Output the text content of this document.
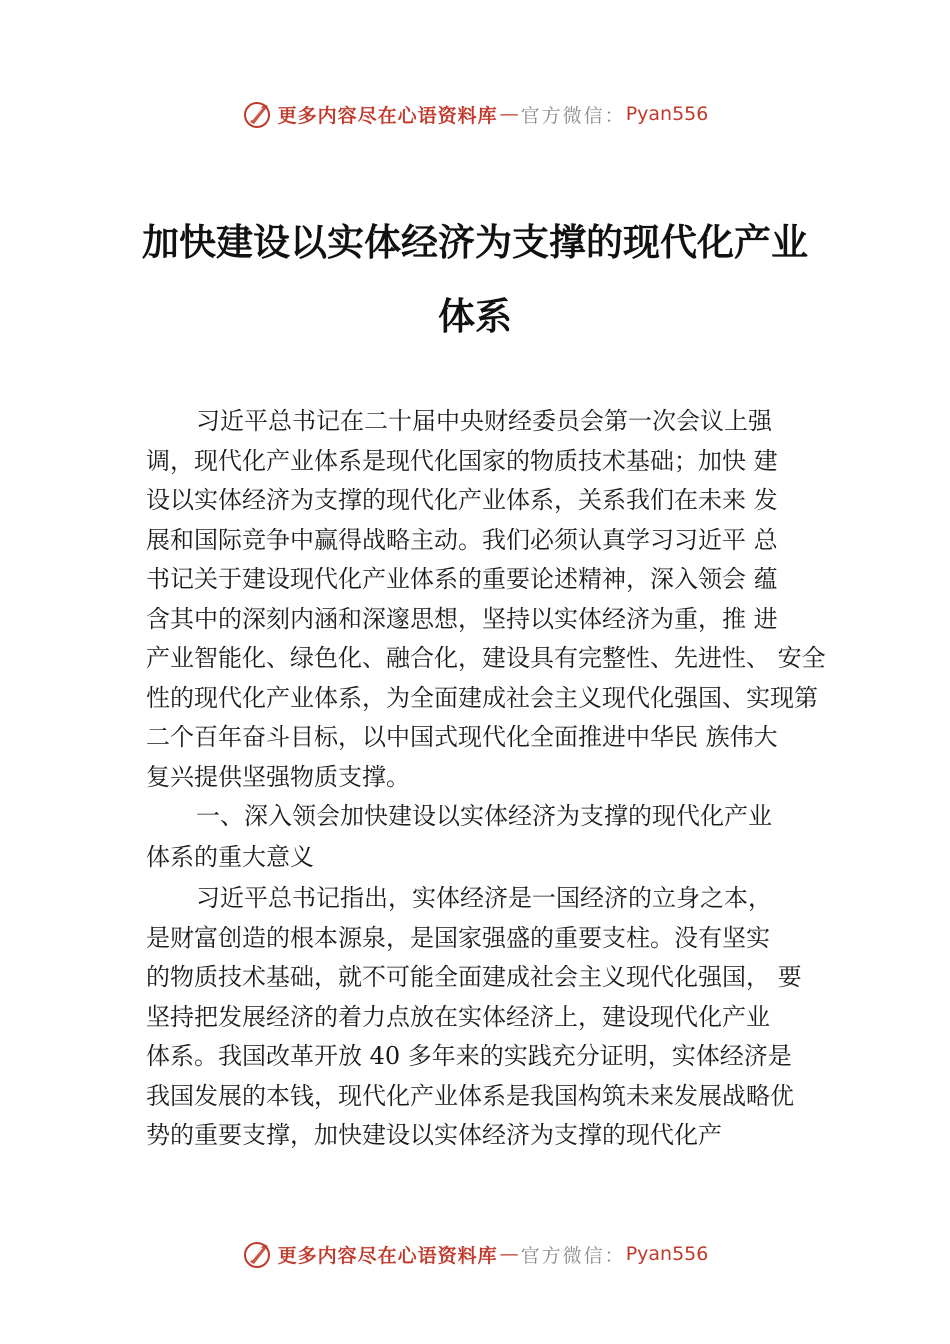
更多内容尽在心语资料库 — 官方微信： Pyan556
加快建设以实体经济为支撑的现代化产业
体系
习近平总书记在二十届中央财经委员会第一次会议上强
调，现代化产业体系是现代化国家的物质技术基础；加快 建
设以实体经济为支撑的现代化产业体系，关系我们在未来 发
展和国际竞争中赢得战略主动。我们必须认真学习习近平 总
书记关于建设现代化产业体系的重要论述精神，深入领会 蕴
含其中的深刻内涵和深邃思想，坚持以实体经济为重，推 进
产业智能化、绿色化、融合化，建设具有完整性、先进性、 安全
性的现代化产业体系，为全面建成社会主义现代化强国、实现第
二个百年奋斗目标，以中国式现代化全面推进中华民 族伟大
复兴提供坚强物质支撑。
一、深入领会加快建设以实体经济为支撑的现代化产业
体系的重大意义
习近平总书记指出，实体经济是一国经济的立身之本，
是财富创造的根本源泉，是国家强盛的重要支柱。没有坚实
的物质技术基础，就不可能全面建成社会主义现代化强国， 要
坚持把发展经济的着力点放在实体经济上，建设现代化产业
体系。我国改革开放 40 多年来的实践充分证明，实体经济是
我国发展的本钱，现代化产业体系是我国构筑未来发展战略优
势的重要支撑，加快建设以实体经济为支撑的现代化产
更多内容尽在心语资料库 — 官方微信： Pyan556
